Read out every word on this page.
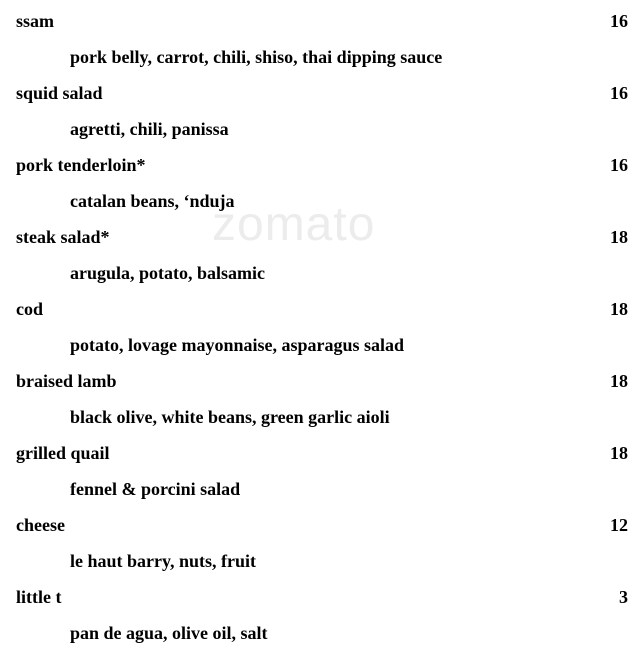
zomato
ssam	16
pork belly, carrot, chili, shiso, thai dipping sauce
squid salad	16
agretti, chili, panissa
pork tenderloin*	16
catalan beans, ‘nduja
steak salad*	18
arugula, potato, balsamic
cod	18
potato, lovage mayonnaise, asparagus salad
braised lamb	18
black olive, white beans, green garlic aioli
grilled quail	18
fennel & porcini salad
cheese	12
le haut barry, nuts, fruit
little t	3
pan de agua, olive oil, salt
